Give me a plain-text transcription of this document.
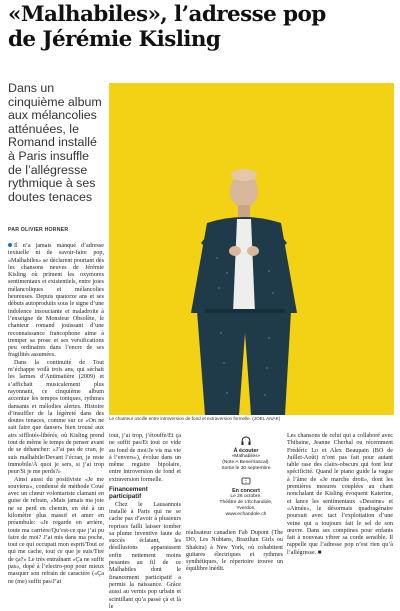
«Malhabiles», l’adresse pop
de Jérémie Kisling
Dans un cinquième album aux mélancolies atténuées, le Romand installé à Paris insuffle de l’allégresse rythmique à ses doutes tenaces
PAR OLIVIER HORNER
Le chanteur oscille entre introversion de fond et extraversion formelle. (JOEL ANAK)

Il n’a jamais manqué d’adresse textuelle ni de savoir-faire pop, «Malhabiles» se déclarent pourtant dès les chansons neuves de Jérémie Kisling où priment les oxymores sentimentaux et existentiels, entre joies mélancoliques et mélancolies heureuses. Depuis quatorze ans et ses débuts autoproduits sous le signe d’une indolence insouciante et maladroite à l’enseigne de Monsieur Obsolète, le chanteur romand jouissant d’une reconnaissance francophone aime à tremper sa prose et ses versifications peu ordinaires dans l’encre de ses fragilités assumées.

Dans la continuité de Tout m’échappe voilà trois ans, qui séchait les larmes d’Antimatière (2009) et s’affichait musicalement plus rayonnant, ce cinquième album accentue les tempos toniques, rythmes dansants et mélodies alertes. Histoire d’insuffler de la légèreté dans des doutes tenaces, comme sur ce «On ne sait faire que danser» bien trousé aux airs sifflotés-libérés, où Kisling prend tout de même le temps de penser avant de se déhancher: «J’ai pas de cran, je suis malhabile/Devant l’écran, je reste immobile/À quoi je sers, si j’ai trop peur/Si je me perds?»

Ainsi aussi du positiviste «Je me souviens», condensé de méthode Coué avec un chœur volontariste clamant en guise de refrain, «Mais jamais ma joie ne se perd en chemin, en été à un kilomètre plus massif et amer en préambule: «Je regarde en arrière, toute ma carrière/Qu’est-ce que j’ai pu faire de moi? J’ai mis dans ma poche, tout ce qui occupait mon esprit/Tout ce qui me cache, tout ce que je suis/Tiré de ça?» Le très entraînant «Ça ne suffit pas», dopé à l’electro-pop pour mieux masquer son refrain de caractère («Ça ne (me) suffit pas/J’ai

tout, j’ai trop, j’étouffe/Et ça ne suffit pas/Et tout ce vide au fond de moi/Je vis ma vie à l’envers»), évolue dans un même registre bipolaire, entre introversion de fond et extraversion formelle.

Financement participatif

Chez le Lausannois installé à Paris qui ne se cache pas d’avoir à plusieurs reprises failli laisser tomber sa plume inventive faute de succès éclatant, les désillusions apparaissent enfin nettement moins pesantes au fil de ce Malhabiles dont le financement participatif a permis la naissance. Grâce aussi au vernis pop urbain et scintillant qu’a passé çà et là le

À écouter
«Malhabiles»
(Note A Bene/Irascal).
Sortie le 30 septembre
En concert
Le 26 octobre,
Théâtre de L’Échandole, Yverdon,
www.echandole.ch

réalisateur canadien Fab Dupont (The DO, Les Nubians, Brazilian Girls ou Shakira) à New York, où cohabitent guitares électriques et rythmes synthétiques, le répertoire trouve un équilibre inédit.

Les chansons de celui qui a collaboré avec Thibaine, Jeanne Cherhal ou récemment Frédéric Lo et Alex Beaupain (BO de Juillet-Août) n’ont pas fait pour autant table rase des clairs-obscurs qui font leur spécificité. Quand le piano guide la vague à l’âme de «Je marche droit», dont les premières mesures couplées au chant nonchalant de Kisling évoquent Katerine, et lance les sentimentaux «Dessine» et «Aimée», le désormais quadragénaire poursuit avec tact l’exploitation d’une veine qui a toujours fait le sel de son œuvre. Dans ses comptines pour enfants fait à nouveau vibrer sa corde sensible. Il rappelle que l’adresse pop n’est rien qu’à l’allégresse. ■
